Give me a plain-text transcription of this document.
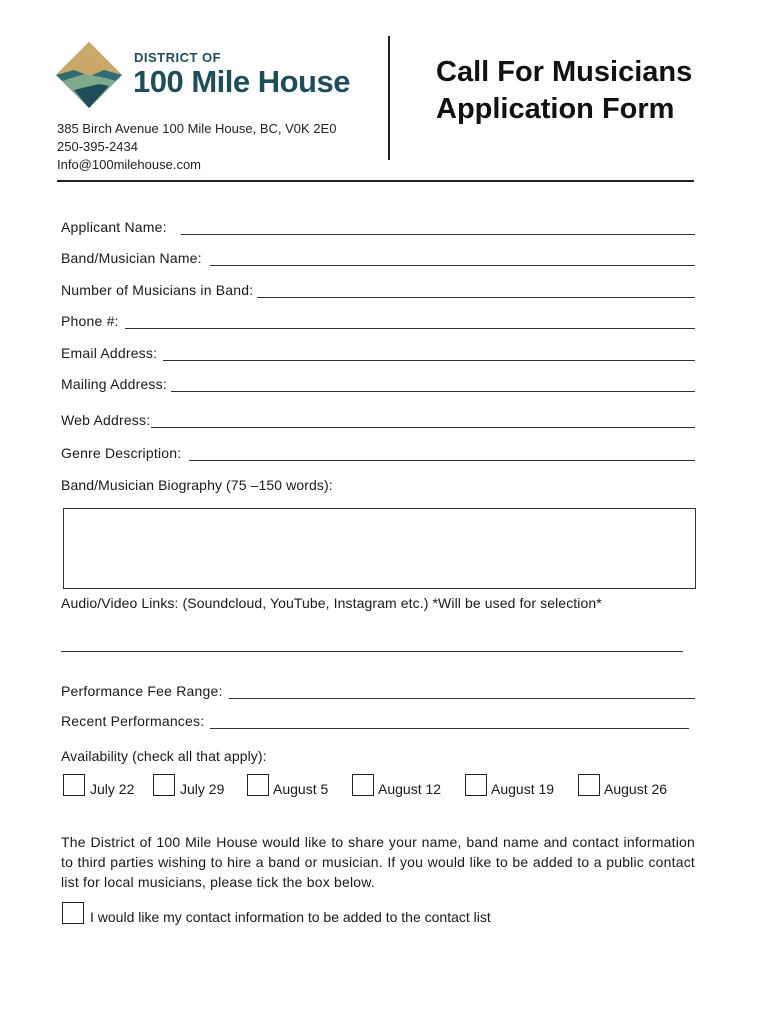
DISTRICT OF
100 Mile House
385 Birch Avenue 100 Mile House, BC, V0K 2E0
250-395-2434
Info@100milehouse.com
Call For Musicians
Application Form
Applicant Name:
Band/Musician Name:
Number of Musicians in Band:
Phone #:
Email Address:
Mailing Address:
Web Address:
Genre Description:
Band/Musician Biography (75 –150 words):
Audio/Video Links: (Soundcloud, YouTube, Instagram etc.) *Will be used for selection*
Performance Fee Range:
Recent Performances:
Availability (check all that apply):
July 22	July 29	August 5	August 12	August 19	August 26
The District of 100 Mile House would like to share your name, band name and contact information to third parties wishing to hire a band or musician. If you would like to be added to a public contact list for local musicians, please tick the box below.
I would like my contact information to be added to the contact list
